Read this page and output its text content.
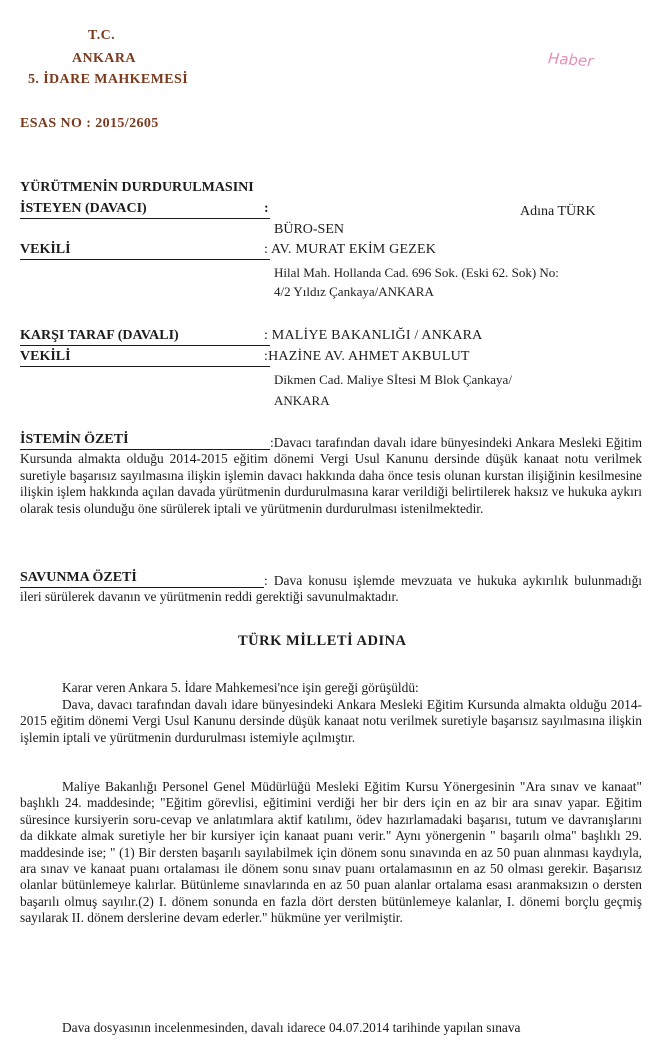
T.C.
ANKARA
5. İDARE MAHKEMESİ
Haber
ESAS NO : 2015/2605
YÜRÜTMENİN DURDURULMASINI
İSTEYEN (DAVACI)	:	Adına TÜRK
BÜRO-SEN
VEKİLİ	: AV. MURAT EKİM GEZEK
Hilal Mah. Hollanda Cad. 696 Sok. (Eski 62. Sok) No:
4/2 Yıldız Çankaya/ANKARA
KARŞI TARAF (DAVALI)	: MALİYE BAKANLIĞI / ANKARA
VEKİLİ	:HAZİNE AV. AHMET AKBULUT
Dikmen Cad. Maliye Sİtesi M Blok Çankaya/
ANKARA
İSTEMİN ÖZETİ	:Davacı tarafından davalı idare bünyesindeki Ankara Mesleki Eğitim Kursunda almakta olduğu 2014-2015 eğitim dönemi Vergi Usul Kanunu dersinde düşük kanaat notu verilmek suretiyle başarısız sayılmasına ilişkin işlemin davacı hakkında daha önce tesis olunan kurstan ilişiğinin kesilmesine ilişkin işlem hakkında açılan davada yürütmenin durdurulmasına karar verildiği belirtilerek haksız ve hukuka aykırı olarak tesis olunduğu öne sürülerek iptali ve yürütmenin durdurulması istenilmektedir.
SAVUNMA ÖZETİ	: Dava konusu işlemde mevzuata ve hukuka aykırılık bulunmadığı ileri sürülerek davanın ve yürütmenin reddi gerektiği savunulmaktadır.
TÜRK MİLLETİ ADINA
Karar veren Ankara 5. İdare Mahkemesi'nce işin gereği görüşüldü:
Dava, davacı tarafından davalı idare bünyesindeki Ankara Mesleki Eğitim Kursunda almakta olduğu 2014-2015 eğitim dönemi Vergi Usul Kanunu dersinde düşük kanaat notu verilmek suretiyle başarısız sayılmasına ilişkin işlemin iptali ve yürütmenin durdurulması istemiyle açılmıştır.
Maliye Bakanlığı Personel Genel Müdürlüğü Mesleki Eğitim Kursu Yönergesinin "Ara sınav ve kanaat" başlıklı 24. maddesinde; "Eğitim görevlisi, eğitimini verdiği her bir ders için en az bir ara sınav yapar. Eğitim süresince kursiyerin soru-cevap ve anlatımlara aktif katılımı, ödev hazırlamadaki başarısı, tutum ve davranışlarını da dikkate almak suretiyle her bir kursiyer için kanaat puanı verir." Aynı yönergenin " başarılı olma" başlıklı 29. maddesinde ise; " (1) Bir dersten başarılı sayılabilmek için dönem sonu sınavında en az 50 puan alınması kaydıyla, ara sınav ve kanaat puanı ortalaması ile dönem sonu sınav puanı ortalamasının en az 50 olması gerekir. Başarısız olanlar bütünlemeye kalırlar. Bütünleme sınavlarında en az 50 puan alanlar ortalama esası aranmaksızın o dersten başarılı olmuş sayılır.(2) I. dönem sonunda en fazla dört dersten bütünlemeye kalanlar, I. dönemi borçlu geçmiş sayılarak II. dönem derslerine devam ederler." hükmüne yer verilmiştir.
Dava dosyasının incelenmesinden, davalı idarece 04.07.2014 tarihinde yapılan sınava
